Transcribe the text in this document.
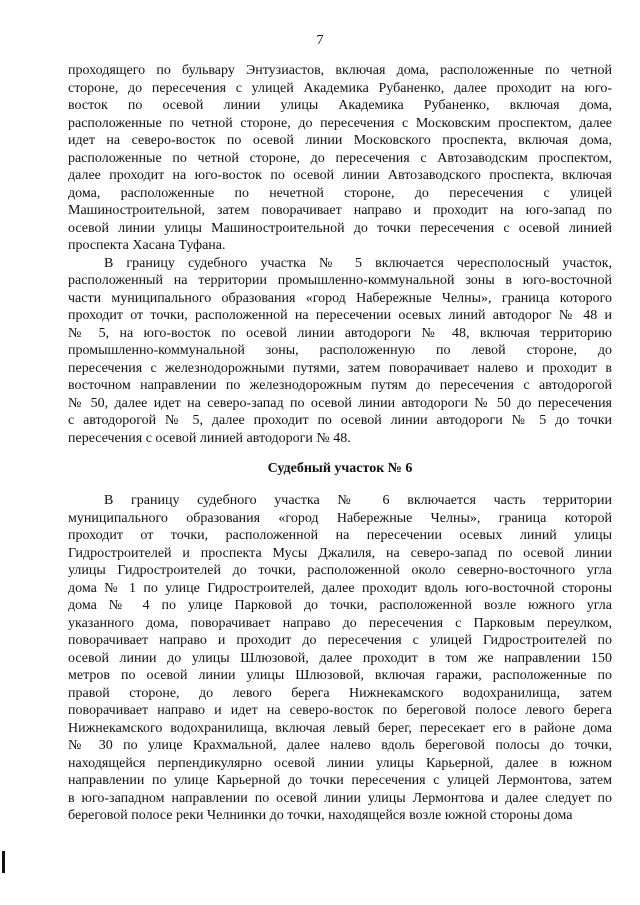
7

проходящего по бульвару Энтузиастов, включая дома, расположенные по четной
стороне, до пересечения с улицей Академика Рубаненко, далее проходит на юго-
восток по осевой линии улицы Академика Рубаненко, включая дома,
расположенные по четной стороне, до пересечения с Московским проспектом, далее
идет на северо-восток по осевой линии Московского проспекта, включая дома,
расположенные по четной стороне, до пересечения с Автозаводским проспектом,
далее проходит на юго-восток по осевой линии Автозаводского проспекта, включая
дома, расположенные по нечетной стороне, до пересечения с улицей
Машиностроительной, затем поворачивает направо и проходит на юго-запад по
осевой линии улицы Машиностроительной до точки пересечения с осевой линией
проспекта Хасана Туфана.

В границу судебного участка № 5 включается чересполосный участок,
расположенный на территории промышленно-коммунальной зоны в юго-восточной
части муниципального образования «город Набережные Челны», граница которого
проходит от точки, расположенной на пересечении осевых линий автодорог № 48 и
№ 5, на юго-восток по осевой линии автодороги № 48, включая территорию
промышленно-коммунальной зоны, расположенную по левой стороне, до
пересечения с железнодорожными путями, затем поворачивает налево и проходит в
восточном направлении по железнодорожным путям до пересечения с автодорогой
№ 50, далее идет на северо-запад по осевой линии автодороги № 50 до пересечения
с автодорогой № 5, далее проходит по осевой линии автодороги № 5 до точки
пересечения с осевой линией автодороги № 48.

Судебный участок № 6

В границу судебного участка № 6 включается часть территории
муниципального образования «город Набережные Челны», граница которой
проходит от точки, расположенной на пересечении осевых линий улицы
Гидростроителей и проспекта Мусы Джалиля, на северо-запад по осевой линии
улицы Гидростроителей до точки, расположенной около северно-восточного угла
дома № 1 по улице Гидростроителей, далее проходит вдоль юго-восточной стороны
дома № 4 по улице Парковой до точки, расположенной возле южного угла
указанного дома, поворачивает направо до пересечения с Парковым переулком,
поворачивает направо и проходит до пересечения с улицей Гидростроителей по
осевой линии до улицы Шлюзовой, далее проходит в том же направлении 150
метров по осевой линии улицы Шлюзовой, включая гаражи, расположенные по
правой стороне, до левого берега Нижнекамского водохранилища, затем
поворачивает направо и идет на северо-восток по береговой полосе левого берега
Нижнекамского водохранилища, включая левый берег, пересекает его в районе дома
№ 30 по улице Крахмальной, далее налево вдоль береговой полосы до точки,
находящейся перпендикулярно осевой линии улицы Карьерной, далее в южном
направлении по улице Карьерной до точки пересечения с улицей Лермонтова, затем
в юго-западном направлении по осевой линии улицы Лермонтова и далее следует по
береговой полосе реки Челнинки до точки, находящейся возле южной стороны дома
